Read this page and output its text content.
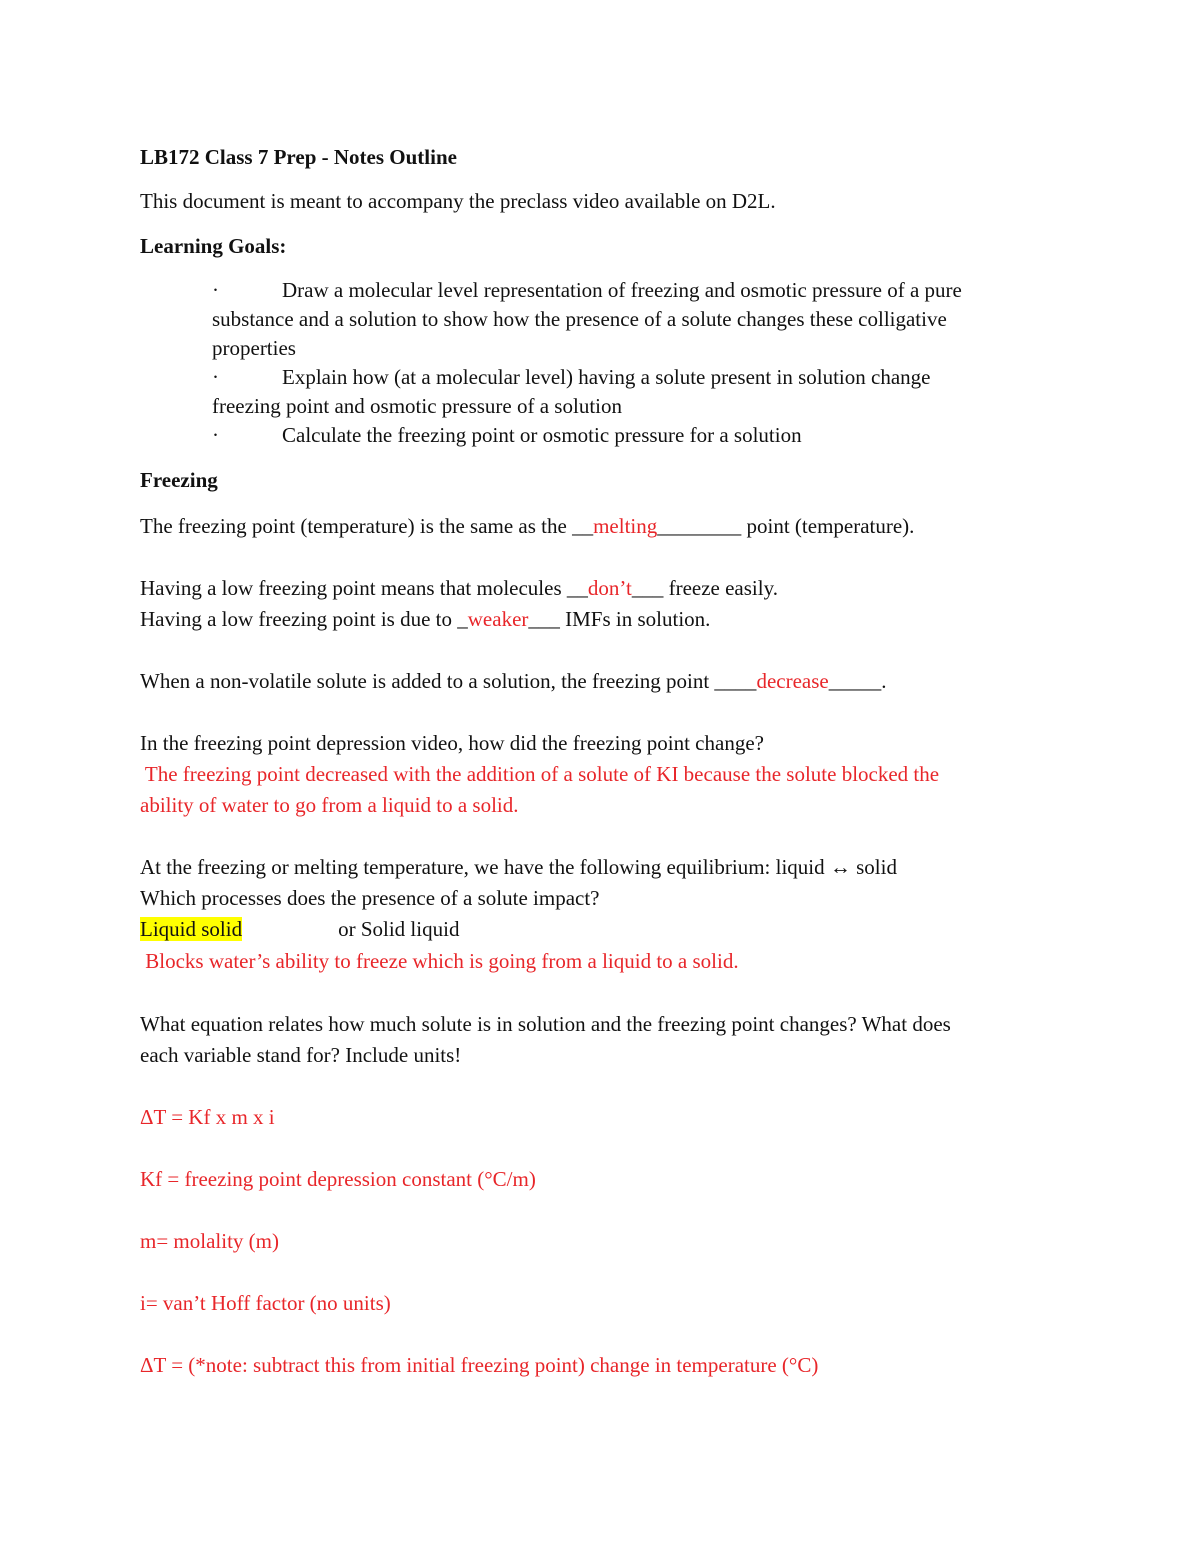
LB172 Class 7 Prep - Notes Outline
This document is meant to accompany the preclass video available on D2L.
Learning Goals:
·	Draw a molecular level representation of freezing and osmotic pressure of a pure
substance and a solution to show how the presence of a solute changes these colligative
properties
·	Explain how (at a molecular level) having a solute present in solution change
freezing point and osmotic pressure of a solution
·	Calculate the freezing point or osmotic pressure for a solution
Freezing
The freezing point (temperature) is the same as the __melting________ point (temperature).
Having a low freezing point means that molecules __don’t___ freeze easily.
Having a low freezing point is due to _weaker___ IMFs in solution.
When a non-volatile solute is added to a solution, the freezing point ____decrease_____.
In the freezing point depression video, how did the freezing point change?
The freezing point decreased with the addition of a solute of KI because the solute blocked the
ability of water to go from a liquid to a solid.
At the freezing or melting temperature, we have the following equilibrium: liquid ↔ solid
Which processes does the presence of a solute impact?
Liquid solid	or Solid liquid
Blocks water’s ability to freeze which is going from a liquid to a solid.
What equation relates how much solute is in solution and the freezing point changes? What does
each variable stand for? Include units!
ΔT = Kf x m x i
Kf = freezing point depression constant (°C/m)
m= molality (m)
i= van’t Hoff factor (no units)
ΔT = (*note: subtract this from initial freezing point) change in temperature (°C)
